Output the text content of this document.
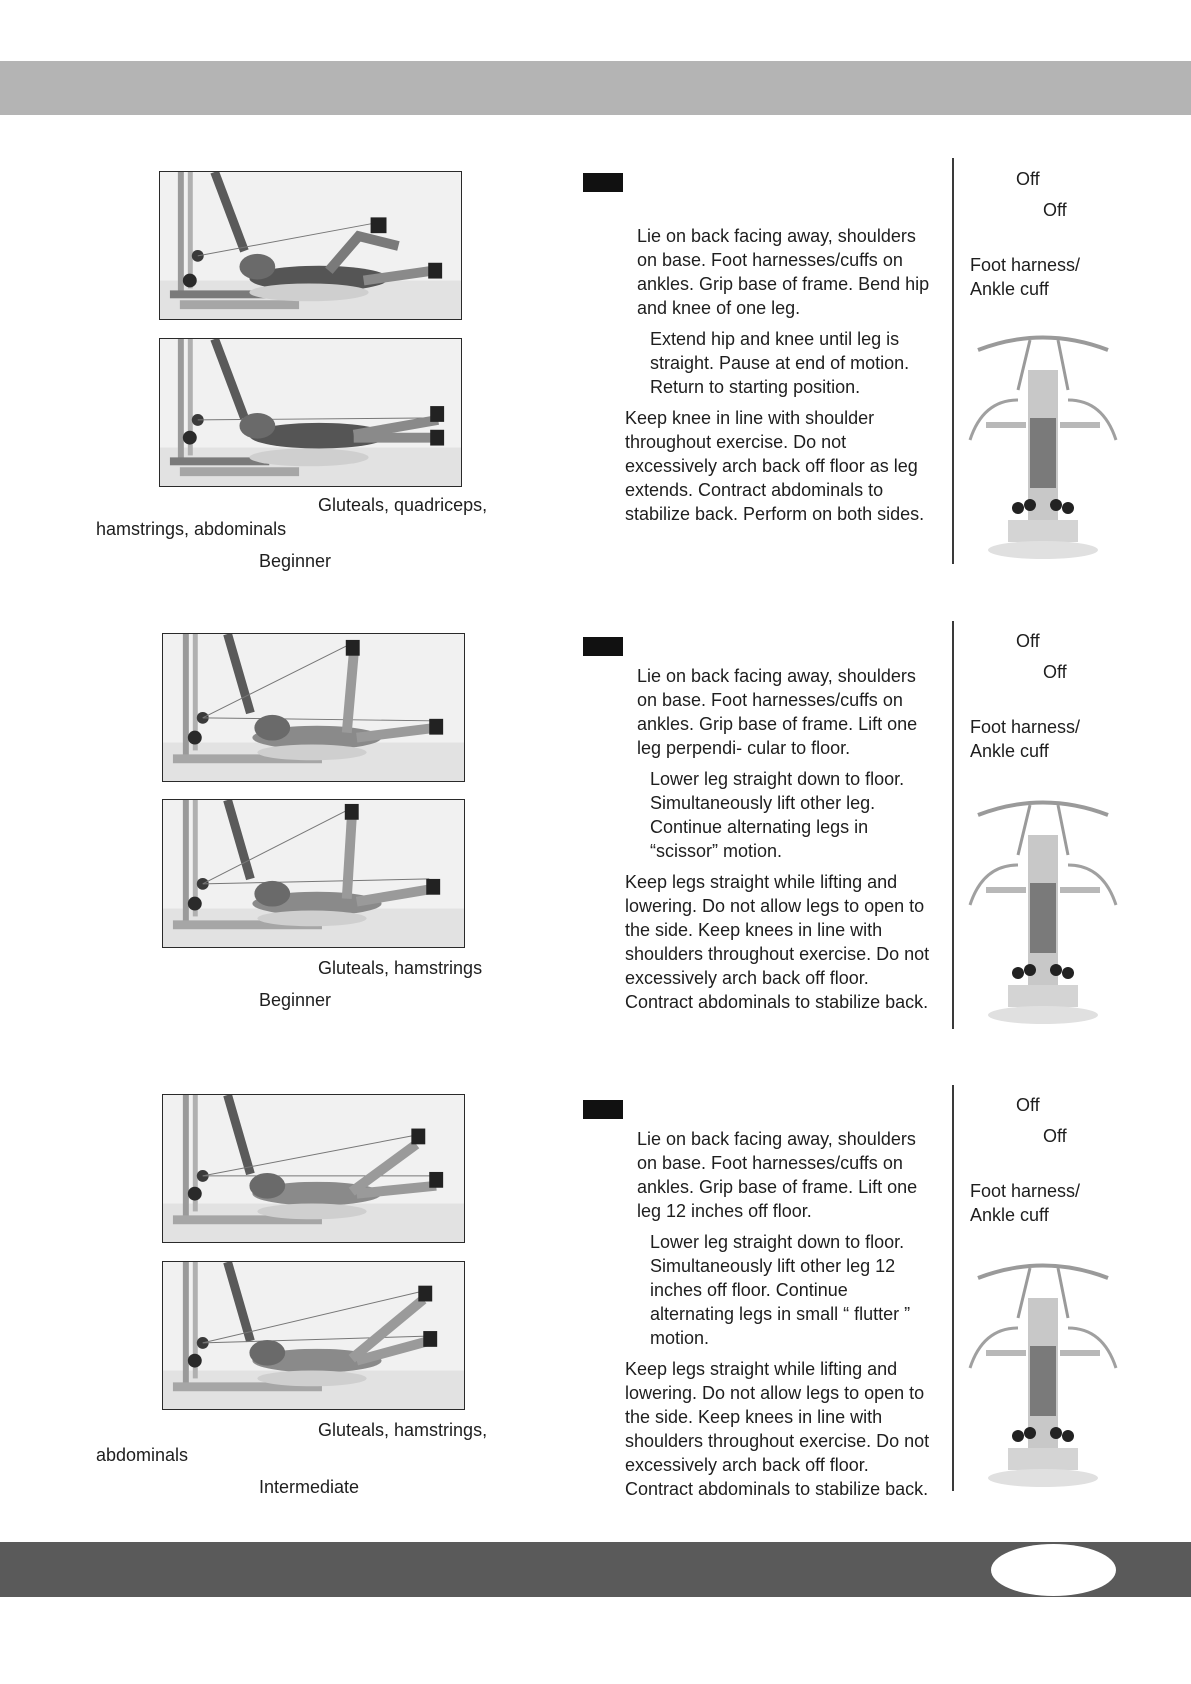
Gluteals, quadriceps,
hamstrings, abdominals
Beginner

Lie on back facing away, shoulders on base. Foot harnesses/cuffs on ankles. Grip base of frame. Bend hip and knee of one leg.

Extend hip and knee until leg is straight. Pause at end of motion. Return to starting position.

Keep knee in line with shoulder throughout exercise. Do not excessively arch back off floor as leg extends. Contract abdominals to stabilize back. Perform on both sides.

Off
Off
Foot harness/
Ankle cuff
Gluteals, hamstrings
Beginner

Lie on back facing away, shoulders on base. Foot harnesses/cuffs on ankles. Grip base of frame. Lift one leg perpendi- cular to floor.

Lower leg straight down to floor. Simultaneously lift other leg. Continue alternating legs in “scissor” motion.

Keep legs straight while lifting and lowering. Do not allow legs to open to the side. Keep knees in line with shoulders throughout exercise. Do not excessively arch back off floor. Contract abdominals to stabilize back.

Off
Off
Foot harness/
Ankle cuff
Gluteals, hamstrings,
abdominals
Intermediate

Lie on back facing away, shoulders on base. Foot harnesses/cuffs on ankles. Grip base of frame. Lift one leg 12 inches off floor.

Lower leg straight down to floor. Simultaneously lift other leg 12 inches off floor. Continue alternating legs in small “ flutter ” motion.

Keep legs straight while lifting and lowering. Do not allow legs to open to the side. Keep knees in line with shoulders throughout exercise. Do not excessively arch back off floor. Contract abdominals to stabilize back.

Off
Off
Foot harness/
Ankle cuff
